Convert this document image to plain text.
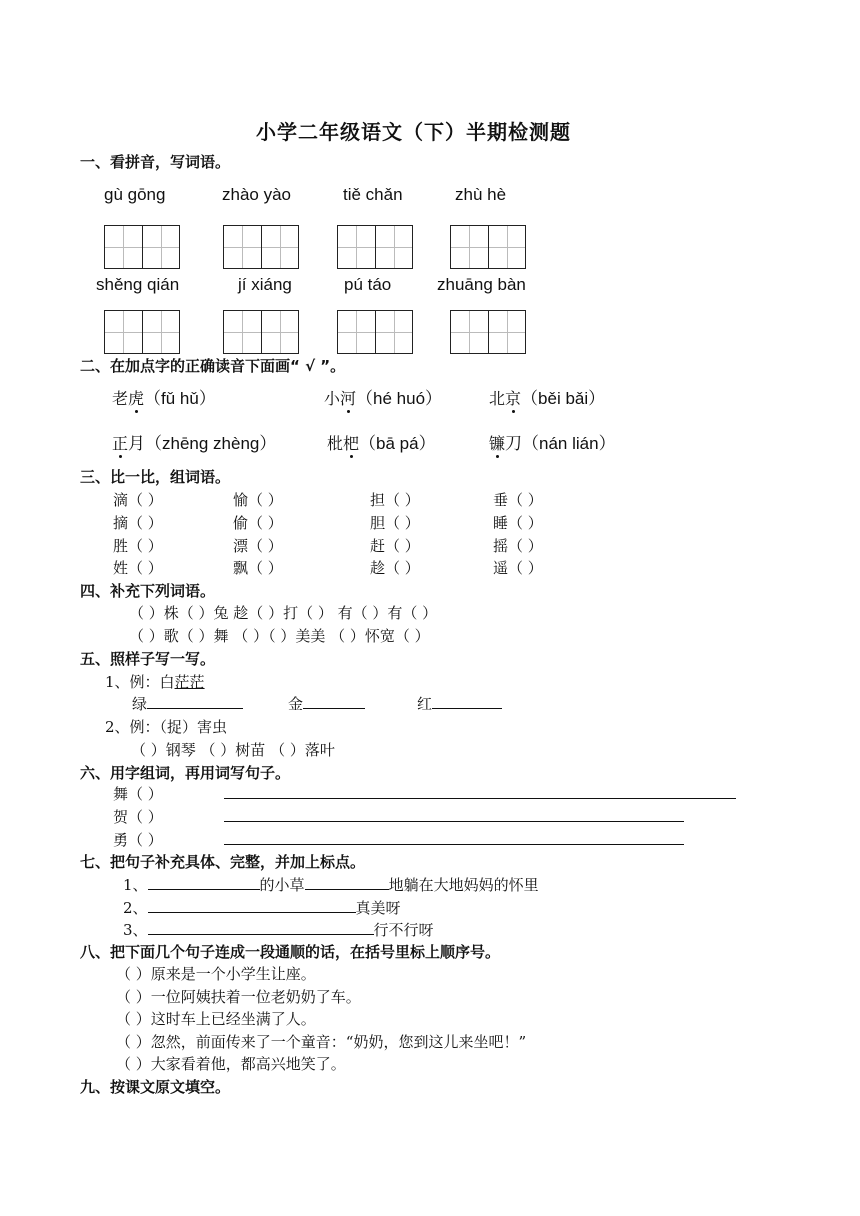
小学二年级语文（下）半期检测题
一、看拼音，写词语。
gù gōng	zhào yào	tiě chǎn	zhù hè
shěng qián	jí xiáng	pú táo	zhuāng bàn
二、在加点字的正确读音下面画“ √ ”。
老虎（fǔ hǔ）	小河（hé huó）	北京（běi bǎi）
正月（zhēng zhèng）	枇杷（bā pá）	镰刀（nán lián）
三、比一比，组词语。
滴（ ）	愉（ ）	担（ ）	垂（ ）
摘（ ）	偷（ ）	胆（ ）	睡（ ）
胜（ ）	漂（ ）	赶（ ）	摇（ ）
姓（ ）	飘（ ）	趁（ ）	遥（ ）
四、补充下列词语。
（ ）株（ ）兔 趁（ ）打（ ） 有（ ）有（ ）
（ ）歌（ ）舞 （ ）（ ）美美 （ ）怀宽（ ）
五、照样子写一写。
1、例：白茫茫
绿	金	红
2、例：（捉）害虫
（ ）钢琴 （ ）树苗 （ ）落叶
六、用字组词，再用词写句子。
舞（ ）
贺（ ）
勇（ ）
七、把句子补充具体、完整，并加上标点。
1、	的小草	地躺在大地妈妈的怀里
2、	真美呀
3、	行不行呀
八、把下面几个句子连成一段通顺的话，在括号里标上顺序号。
（ ）原来是一个小学生让座。
（ ）一位阿姨扶着一位老奶奶了车。
（ ）这时车上已经坐满了人。
（ ）忽然，前面传来了一个童音：“奶奶，您到这儿来坐吧！”
（ ）大家看着他，都高兴地笑了。
九、按课文原文填空。
